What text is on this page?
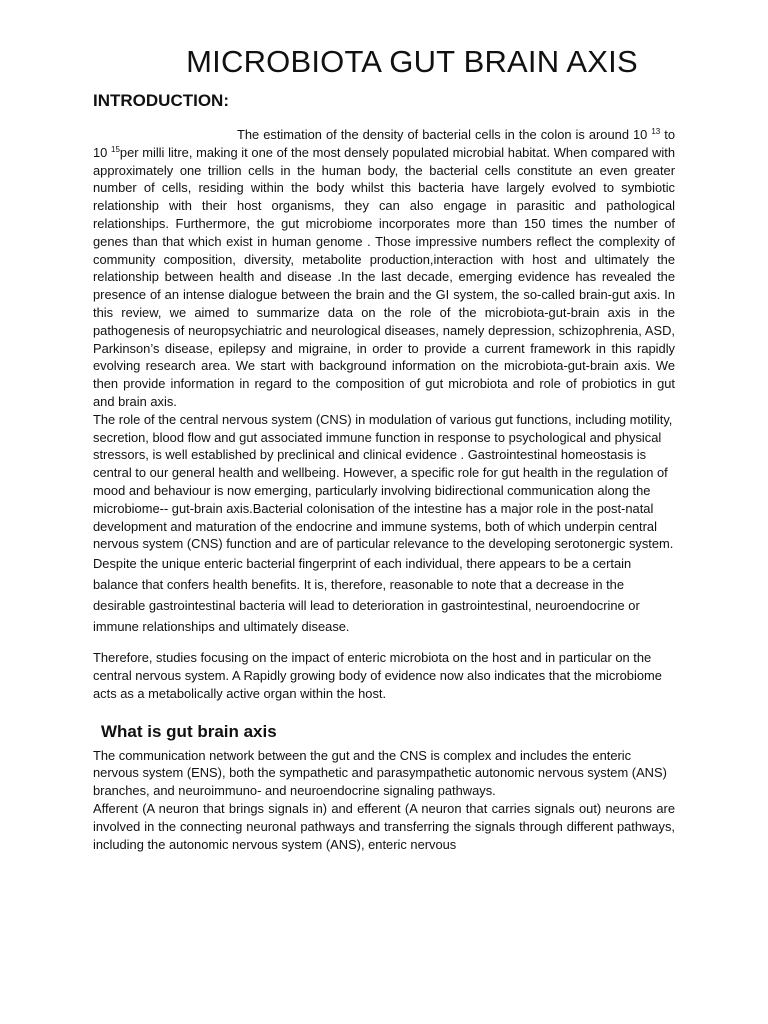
MICROBIOTA GUT BRAIN AXIS
INTRODUCTION:

The estimation of the density of bacterial cells in the colon is around 10 $^{13}$ to 10 $^{15}$per milli litre, making it one of the most densely populated microbial habitat. When compared with approximately one trillion cells in the human body, the bacterial cells constitute an even greater number of cells, residing within the body whilst this bacteria have largely evolved to symbiotic relationship with their host organisms, they can also engage in parasitic and pathological relationships. Furthermore, the gut microbiome incorporates more than 150 times the number of genes than that which exist in human genome . Those impressive numbers reflect the complexity of community composition, diversity, metabolite production,interaction with host and ultimately the relationship between health and disease .In the last decade, emerging evidence has revealed the presence of an intense dialogue between the brain and the GI system, the so-called brain-gut axis. In this review, we aimed to summarize data on the role of the microbiota-gut-brain axis in the pathogenesis of neuropsychiatric and neurological diseases, namely depression, schizophrenia, ASD, Parkinson’s disease, epilepsy and migraine, in order to provide a current framework in this rapidly evolving research area. We start with background information on the microbiota-gut-brain axis. We then provide information in regard to the composition of gut microbiota and role of probiotics in gut and brain axis.

The role of the central nervous system (CNS) in modulation of various gut functions, including motility, secretion, blood flow and gut associated immune function in response to psychological and physical stressors, is well established by preclinical and clinical evidence . Gastrointestinal homeostasis is central to our general health and wellbeing. However, a specific role for gut health in the regulation of mood and behaviour is now emerging, particularly involving bidirectional communication along the microbiome-- gut-brain axis.Bacterial colonisation of the intestine has a major role in the post-natal development and maturation of the endocrine and immune systems, both of which underpin central nervous system (CNS) function and are of particular relevance to the developing serotonergic system.

Despite the unique enteric bacterial fingerprint of each individual, there appears to be a certain balance that confers health benefits. It is, therefore, reasonable to note that a decrease in the desirable gastrointestinal bacteria will lead to deterioration in gastrointestinal, neuroendocrine or immune relationships and ultimately disease.

Therefore, studies focusing on the impact of enteric microbiota on the host and in particular on the central nervous system. A Rapidly growing body of evidence now also indicates that the microbiome acts as a metabolically active organ within the host.

What is gut brain axis

The communication network between the gut and the CNS is complex and includes the enteric nervous system (ENS), both the sympathetic and parasympathetic autonomic nervous system (ANS) branches, and neuroimmuno- and neuroendocrine signaling pathways.

Afferent (A neuron that brings signals in) and efferent (A neuron that carries signals out) neurons are involved in the connecting neuronal pathways and transferring the signals through different pathways, including the autonomic nervous system (ANS), enteric nervous
